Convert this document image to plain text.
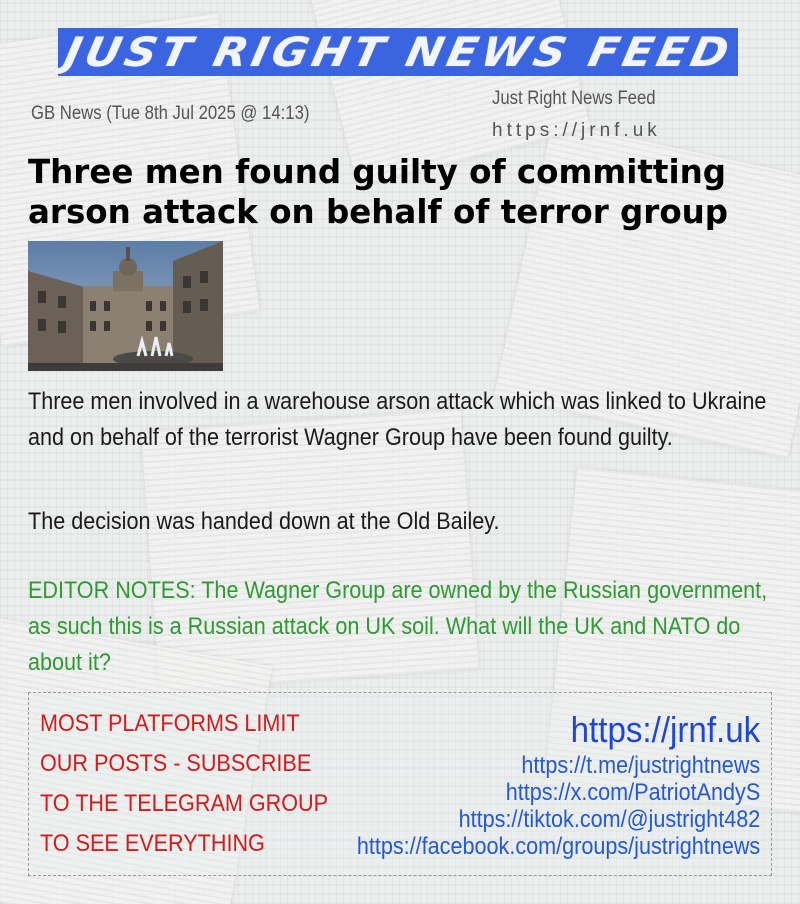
JUST RIGHT NEWS FEED
GB News (Tue 8th Jul 2025 @ 14:13)
Just Right News Feed
https://jrnf.uk
Three men found guilty of committing arson attack on behalf of terror group

Three men involved in a warehouse arson attack which was linked to Ukraine and on behalf of the terrorist Wagner Group have been found guilty.

The decision was handed down at the Old Bailey.

EDITOR NOTES: The Wagner Group are owned by the Russian government, as such this is a Russian attack on UK soil. What will the UK and NATO do about it?

MOST PLATFORMS LIMIT
OUR POSTS - SUBSCRIBE
TO THE TELEGRAM GROUP
TO SEE EVERYTHING
https://jrnf.uk
https://t.me/justrightnews
https://x.com/PatriotAndyS
https://tiktok.com/@justright482
https://facebook.com/groups/justrightnews
